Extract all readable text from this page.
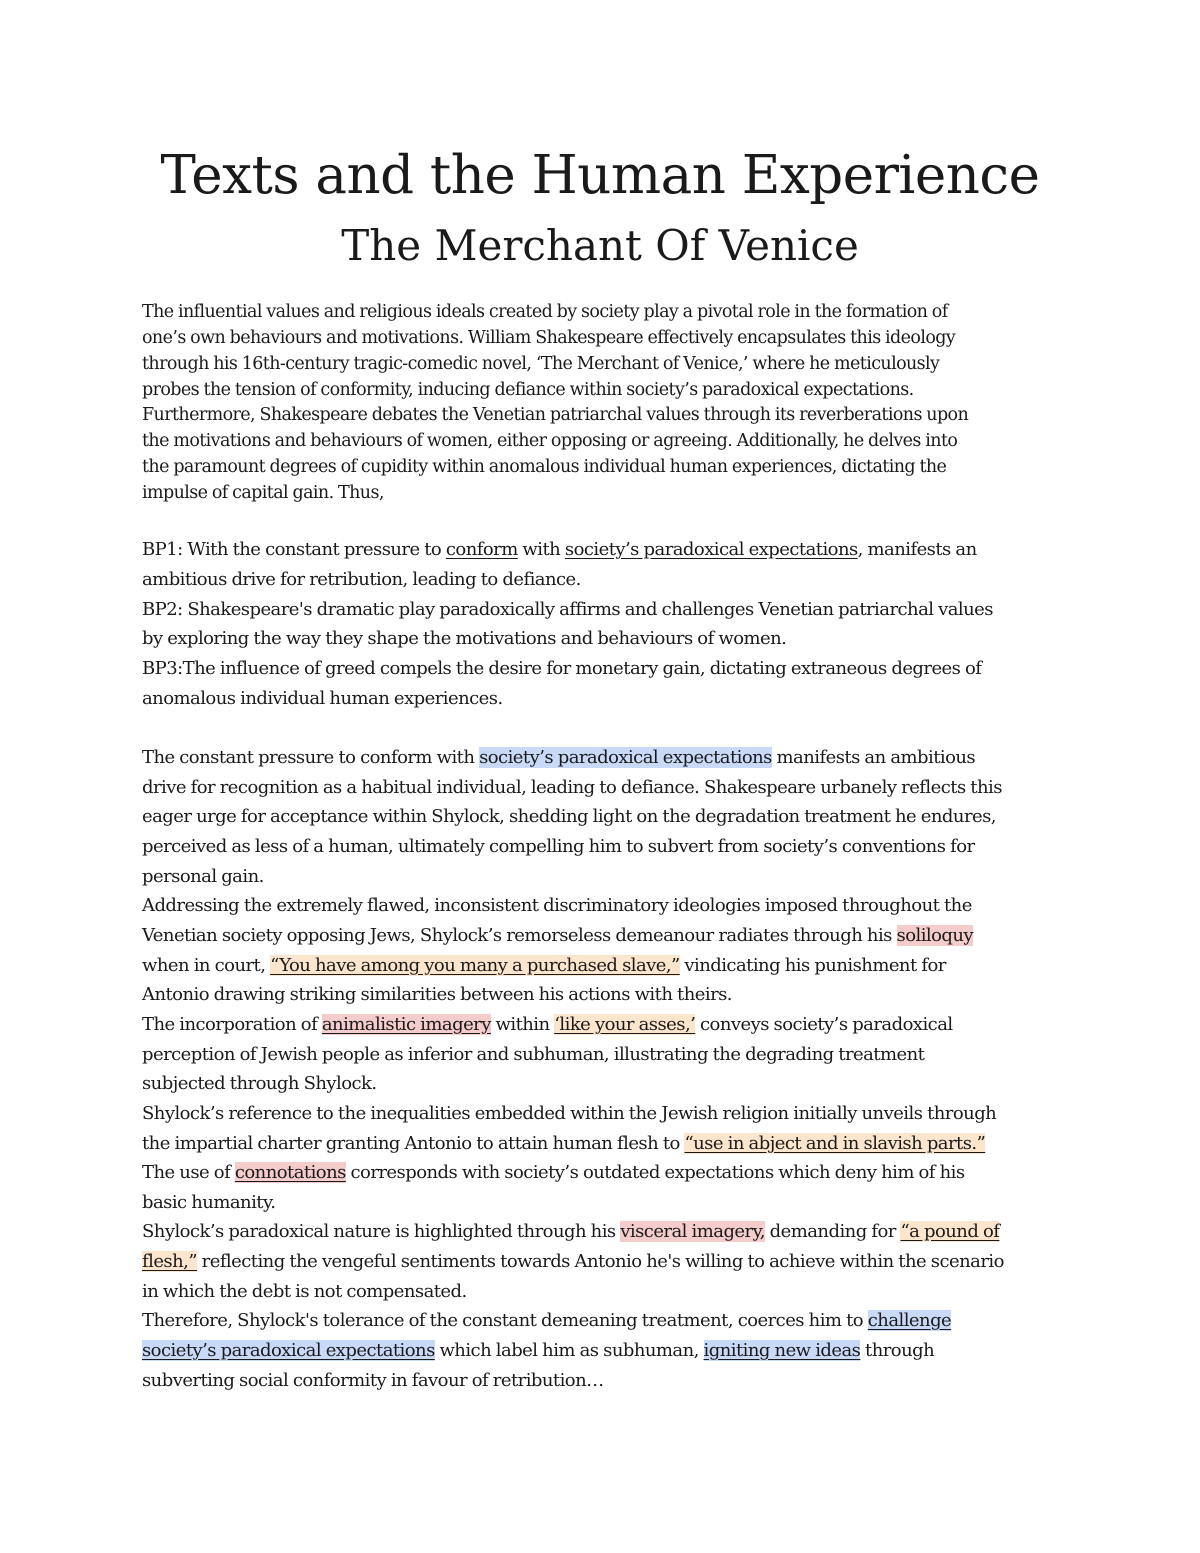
Texts and the Human Experience
The Merchant Of Venice
The influential values and religious ideals created by society play a pivotal role in the formation of
one’s own behaviours and motivations. William Shakespeare effectively encapsulates this ideology
through his 16th-century tragic-comedic novel, ‘The Merchant of Venice,’ where he meticulously
probes the tension of conformity, inducing defiance within society’s paradoxical expectations.
Furthermore, Shakespeare debates the Venetian patriarchal values through its reverberations upon
the motivations and behaviours of women, either opposing or agreeing. Additionally, he delves into
the paramount degrees of cupidity within anomalous individual human experiences, dictating the
impulse of capital gain. Thus,
BP1: With the constant pressure to conform with society’s paradoxical expectations, manifests an
ambitious drive for retribution, leading to defiance.
BP2: Shakespeare's dramatic play paradoxically affirms and challenges Venetian patriarchal values
by exploring the way they shape the motivations and behaviours of women.
BP3:The influence of greed compels the desire for monetary gain, dictating extraneous degrees of
anomalous individual human experiences.
The constant pressure to conform with society’s paradoxical expectations manifests an ambitious
drive for recognition as a habitual individual, leading to defiance. Shakespeare urbanely reflects this
eager urge for acceptance within Shylock, shedding light on the degradation treatment he endures,
perceived as less of a human, ultimately compelling him to subvert from society’s conventions for
personal gain.
Addressing the extremely flawed, inconsistent discriminatory ideologies imposed throughout the
Venetian society opposing Jews, Shylock’s remorseless demeanour radiates through his soliloquy
when in court, “You have among you many a purchased slave,” vindicating his punishment for
Antonio drawing striking similarities between his actions with theirs.
The incorporation of animalistic imagery within ‘like your asses,’ conveys society’s paradoxical
perception of Jewish people as inferior and subhuman, illustrating the degrading treatment
subjected through Shylock.
Shylock’s reference to the inequalities embedded within the Jewish religion initially unveils through
the impartial charter granting Antonio to attain human flesh to “use in abject and in slavish parts.”
The use of connotations corresponds with society’s outdated expectations which deny him of his
basic humanity.
Shylock’s paradoxical nature is highlighted through his visceral imagery, demanding for “a pound of
flesh,” reflecting the vengeful sentiments towards Antonio he's willing to achieve within the scenario
in which the debt is not compensated.
Therefore, Shylock's tolerance of the constant demeaning treatment, coerces him to challenge
society’s paradoxical expectations which label him as subhuman, igniting new ideas through
subverting social conformity in favour of retribution…
